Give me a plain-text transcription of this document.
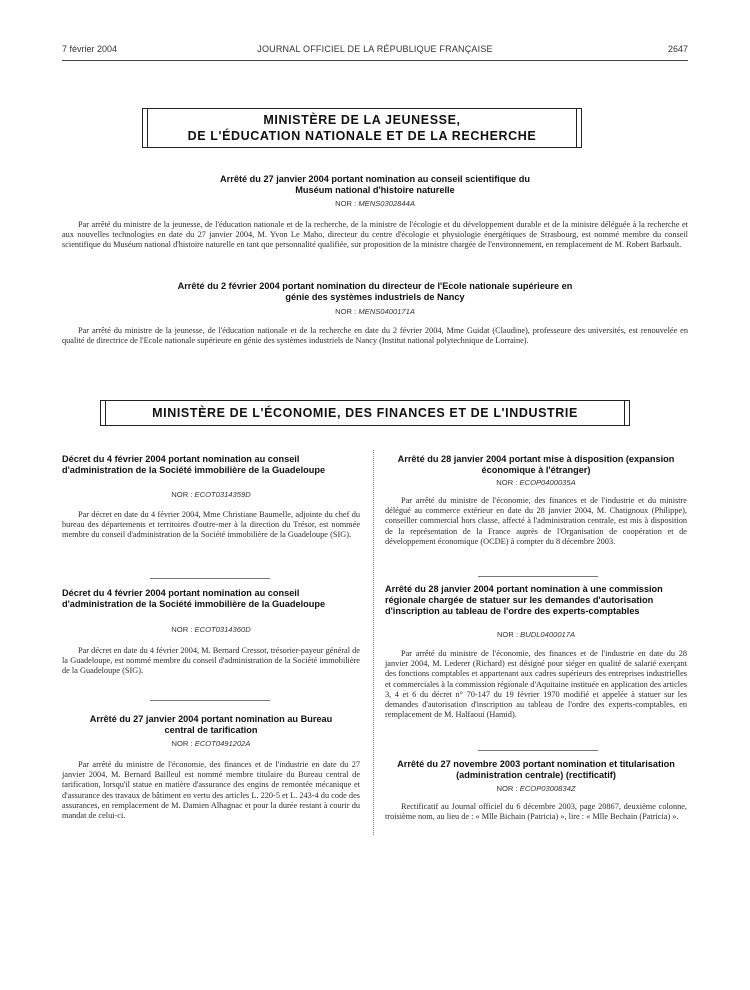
7 février 2004	JOURNAL OFFICIEL DE LA RÉPUBLIQUE FRANÇAISE	2647
MINISTÈRE DE LA JEUNESSE,
DE L'ÉDUCATION NATIONALE ET DE LA RECHERCHE
Arrêté du 27 janvier 2004 portant nomination au conseil scientifique du Muséum national d'histoire naturelle
NOR : MENS0302844A

Par arrêté du ministre de la jeunesse, de l'éducation nationale et de la recherche, de la ministre de l'écologie et du développement durable et de la ministre déléguée à la recherche et aux nouvelles technologies en date du 27 janvier 2004, M. Yvon Le Maho, directeur du centre d'écologie et physiologie énergétiques de Strasbourg, est nommé membre du conseil scientifique du Muséum national d'histoire naturelle en tant que personnalité qualifiée, sur proposition de la ministre chargée de l'environnement, en remplacement de M. Robert Barbault.

Arrêté du 2 février 2004 portant nomination du directeur de l'Ecole nationale supérieure en génie des systèmes industriels de Nancy
NOR : MENS0400171A

Par arrêté du ministre de la jeunesse, de l'éducation nationale et de la recherche en date du 2 février 2004, Mme Guidat (Claudine), professeure des universités, est renouvelée en qualité de directrice de l'Ecole nationale supérieure en génie des systèmes industriels de Nancy (Institut national polytechnique de Lorraine).

MINISTÈRE DE L'ÉCONOMIE, DES FINANCES ET DE L'INDUSTRIE
Décret du 4 février 2004 portant nomination au conseil d'administration de la Société immobilière de la Guadeloupe
NOR : ECOT0314359D

Par décret en date du 4 février 2004, Mme Christiane Baumelle, adjointe du chef du bureau des départements et territoires d'outre-mer à la direction du Trésor, est nommée membre du conseil d'administration de la Société immobilière de la Guadeloupe (SIG).

Décret du 4 février 2004 portant nomination au conseil d'administration de la Société immobilière de la Guadeloupe
NOR : ECOT0314360D

Par décret en date du 4 février 2004, M. Bernard Cressot, trésorier-payeur général de la Guadeloupe, est nommé membre du conseil d'administration de la Société immobilière de la Guadeloupe (SIG).

Arrêté du 27 janvier 2004 portant nomination au Bureau central de tarification
NOR : ECOT0491202A

Par arrêté du ministre de l'économie, des finances et de l'industrie en date du 27 janvier 2004, M. Bernard Bailleul est nommé membre titulaire du Bureau central de tarification, lorsqu'il statue en matière d'assurance des engins de remontée mécanique et d'assurance des travaux de bâtiment en vertu des articles L. 220-5 et L. 243-4 du code des assurances, en remplacement de M. Damien Alhagnac et pour la durée restant à courir du mandat de celui-ci.

Arrêté du 28 janvier 2004 portant mise à disposition (expansion économique à l'étranger)
NOR : ECOP0400035A

Par arrêté du ministre de l'économie, des finances et de l'industrie et du ministre délégué au commerce extérieur en date du 28 janvier 2004, M. Chatignoux (Philippe), conseiller commercial hors classe, affecté à l'administration centrale, est mis à disposition de la représentation de la France auprès de l'Organisation de coopération et de développement économique (OCDE) à compter du 8 décembre 2003.

Arrêté du 28 janvier 2004 portant nomination à une commission régionale chargée de statuer sur les demandes d'autorisation d'inscription au tableau de l'ordre des experts-comptables
NOR : BUDL0400017A

Par arrêté du ministre de l'économie, des finances et de l'industrie en date du 28 janvier 2004, M. Lederer (Richard) est désigné pour siéger en qualité de salarié exerçant des fonctions comptables et appartenant aux cadres supérieurs des entreprises industrielles et commerciales à la commission régionale d'Aquitaine instituée en application des articles 3, 4 et 6 du décret n° 70-147 du 19 février 1970 modifié et appelée à statuer sur les demandes d'autorisation d'inscription au tableau de l'ordre des experts-comptables, en remplacement de M. Halfaoui (Hamid).

Arrêté du 27 novembre 2003 portant nomination et titularisation (administration centrale) (rectificatif)
NOR : ECOP0300834Z

Rectificatif au Journal officiel du 6 décembre 2003, page 20867, deuxième colonne, troisième nom, au lieu de : « Mlle Bichain (Patricia) », lire : « Mlle Bechain (Patricia) ».
